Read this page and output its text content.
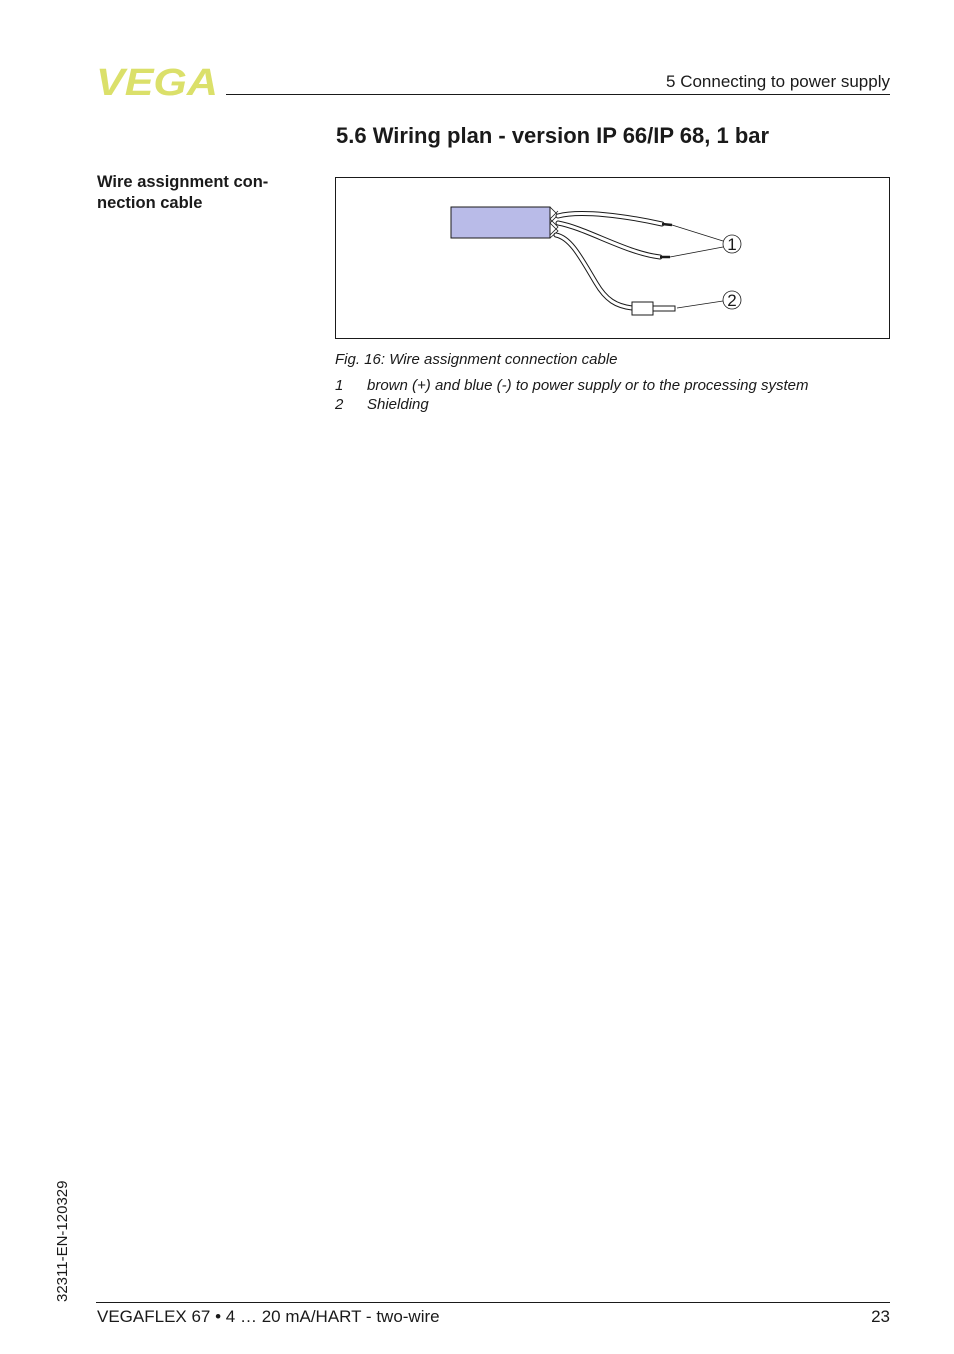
VEGA	5 Connecting to power supply
5.6 Wiring plan - version IP 66/IP 68, 1 bar
Wire assignment con-
nection cable
1
2
Fig. 16: Wire assignment connection cable
1 brown (+) and blue (-) to power supply or to the processing system
2 Shielding
32311-EN-120329
VEGAFLEX 67 • 4 … 20 mA/HART - two-wire	23
